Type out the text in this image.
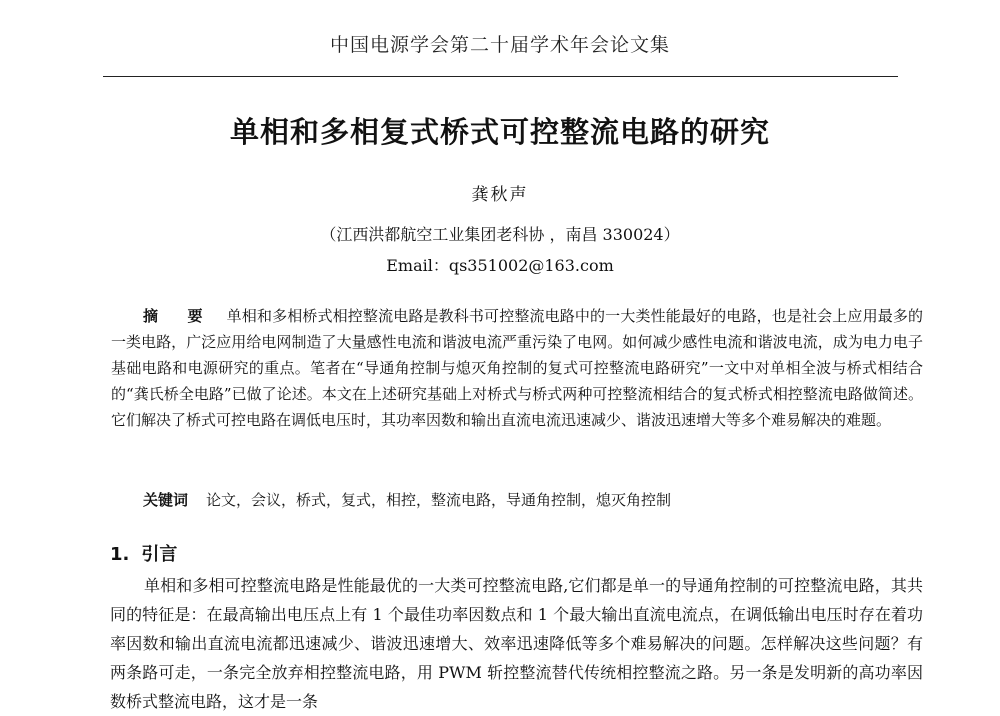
中国电源学会第二十届学术年会论文集
单相和多相复式桥式可控整流电路的研究
龚秋声
（江西洪都航空工业集团老科协 ，南昌 330024）
Email：qs351002@163.com

摘 要 单相和多相桥式相控整流电路是教科书可控整流电路中的一大类性能最好的电路，也是社会上应用最多的一类电路，广泛应用给电网制造了大量感性电流和谐波电流严重污染了电网。如何减少感性电流和谐波电流，成为电力电子基础电路和电源研究的重点。笔者在“导通角控制与熄灭角控制的复式可控整流电路研究”一文中对单相全波与桥式相结合的“龚氏桥全电路”已做了论述。本文在上述研究基础上对桥式与桥式两种可控整流相结合的复式桥式相控整流电路做简述。它们解决了桥式可控电路在调低电压时，其功率因数和输出直流电流迅速减少、谐波迅速增大等多个难易解决的难题。

关键词 论文，会议，桥式，复式，相控，整流电路，导通角控制，熄灭角控制

1. 引言

单相和多相可控整流电路是性能最优的一大类可控整流电路,它们都是单一的导通角控制的可控整流电路，其共同的特征是：在最高输出电压点上有 1 个最佳功率因数点和 1 个最大输出直流电流点，在调低输出电压时存在着功率因数和输出直流电流都迅速减少、谐波迅速增大、效率迅速降低等多个难易解决的问题。怎样解决这些问题？有两条路可走，一条完全放弃相控整流电路，用 PWM 斩控整流替代传统相控整流之路。另一条是发明新的高功率因数桥式整流电路，这才是一条
